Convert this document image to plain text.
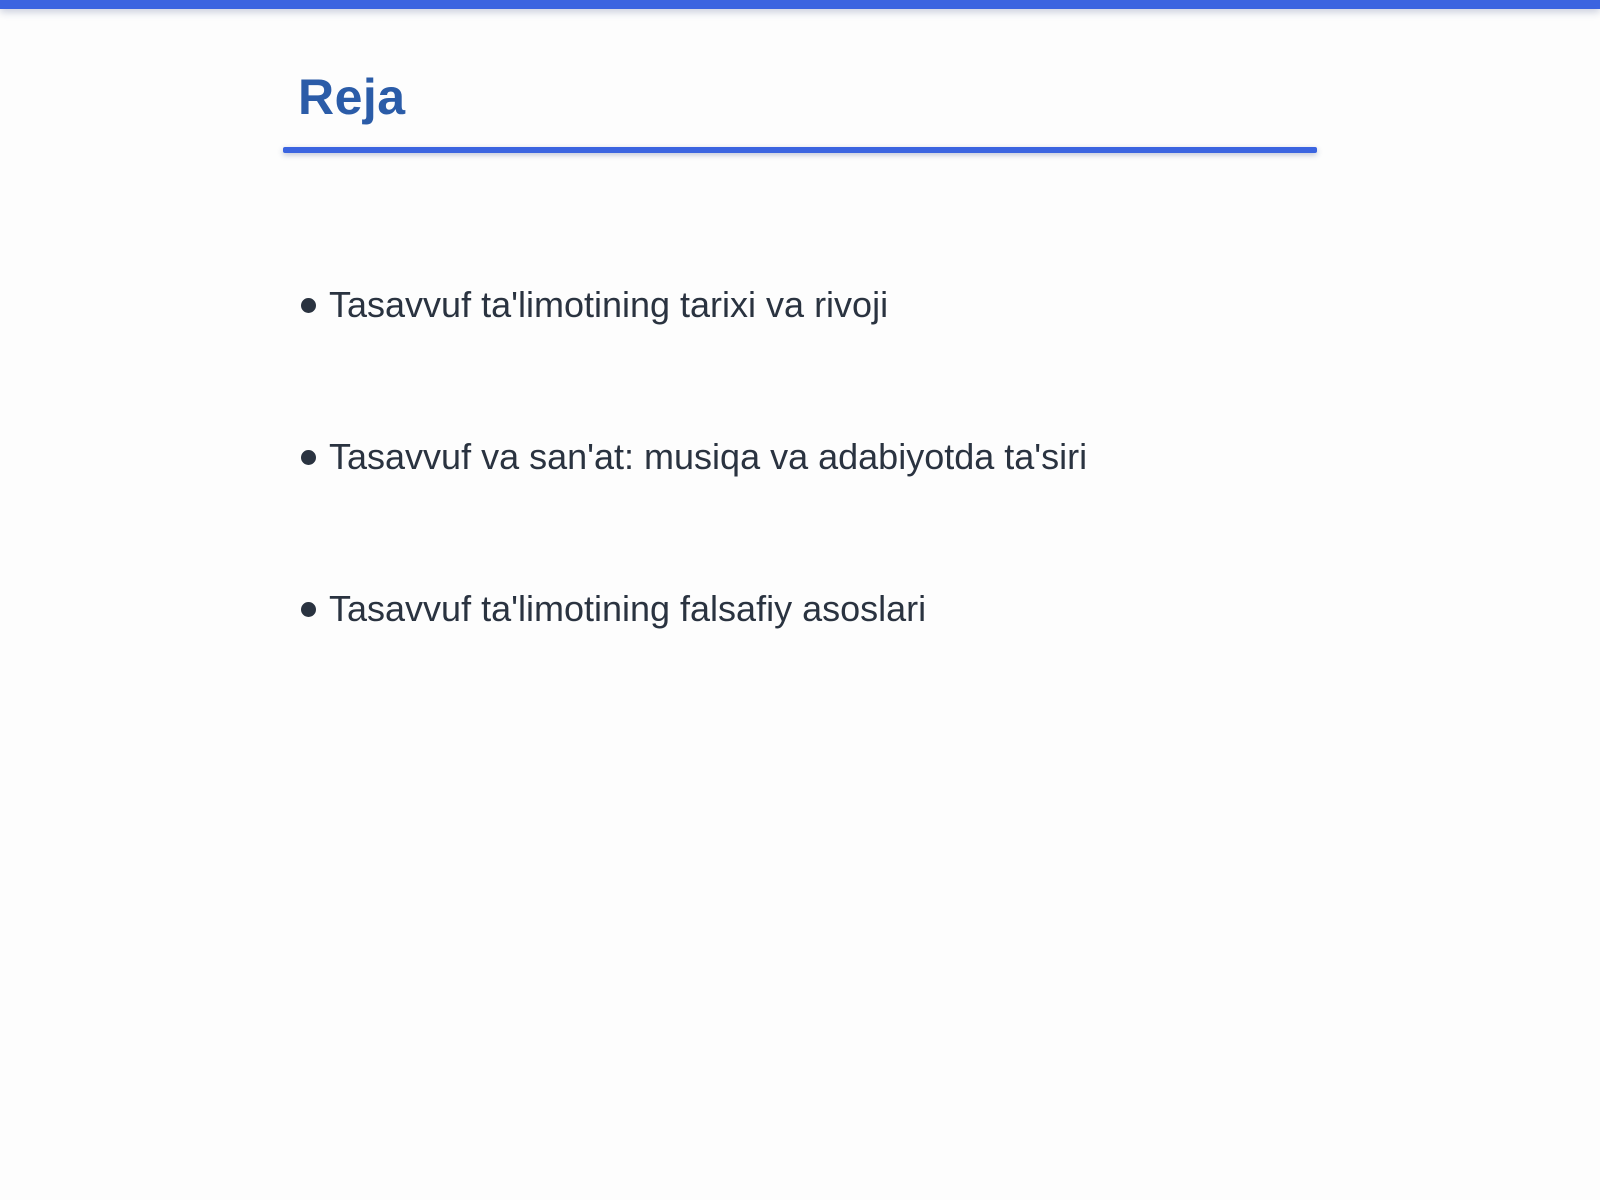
Reja
Tasavvuf ta'limotining tarixi va rivoji
Tasavvuf va san'at: musiqa va adabiyotda ta'siri
Tasavvuf ta'limotining falsafiy asoslari
